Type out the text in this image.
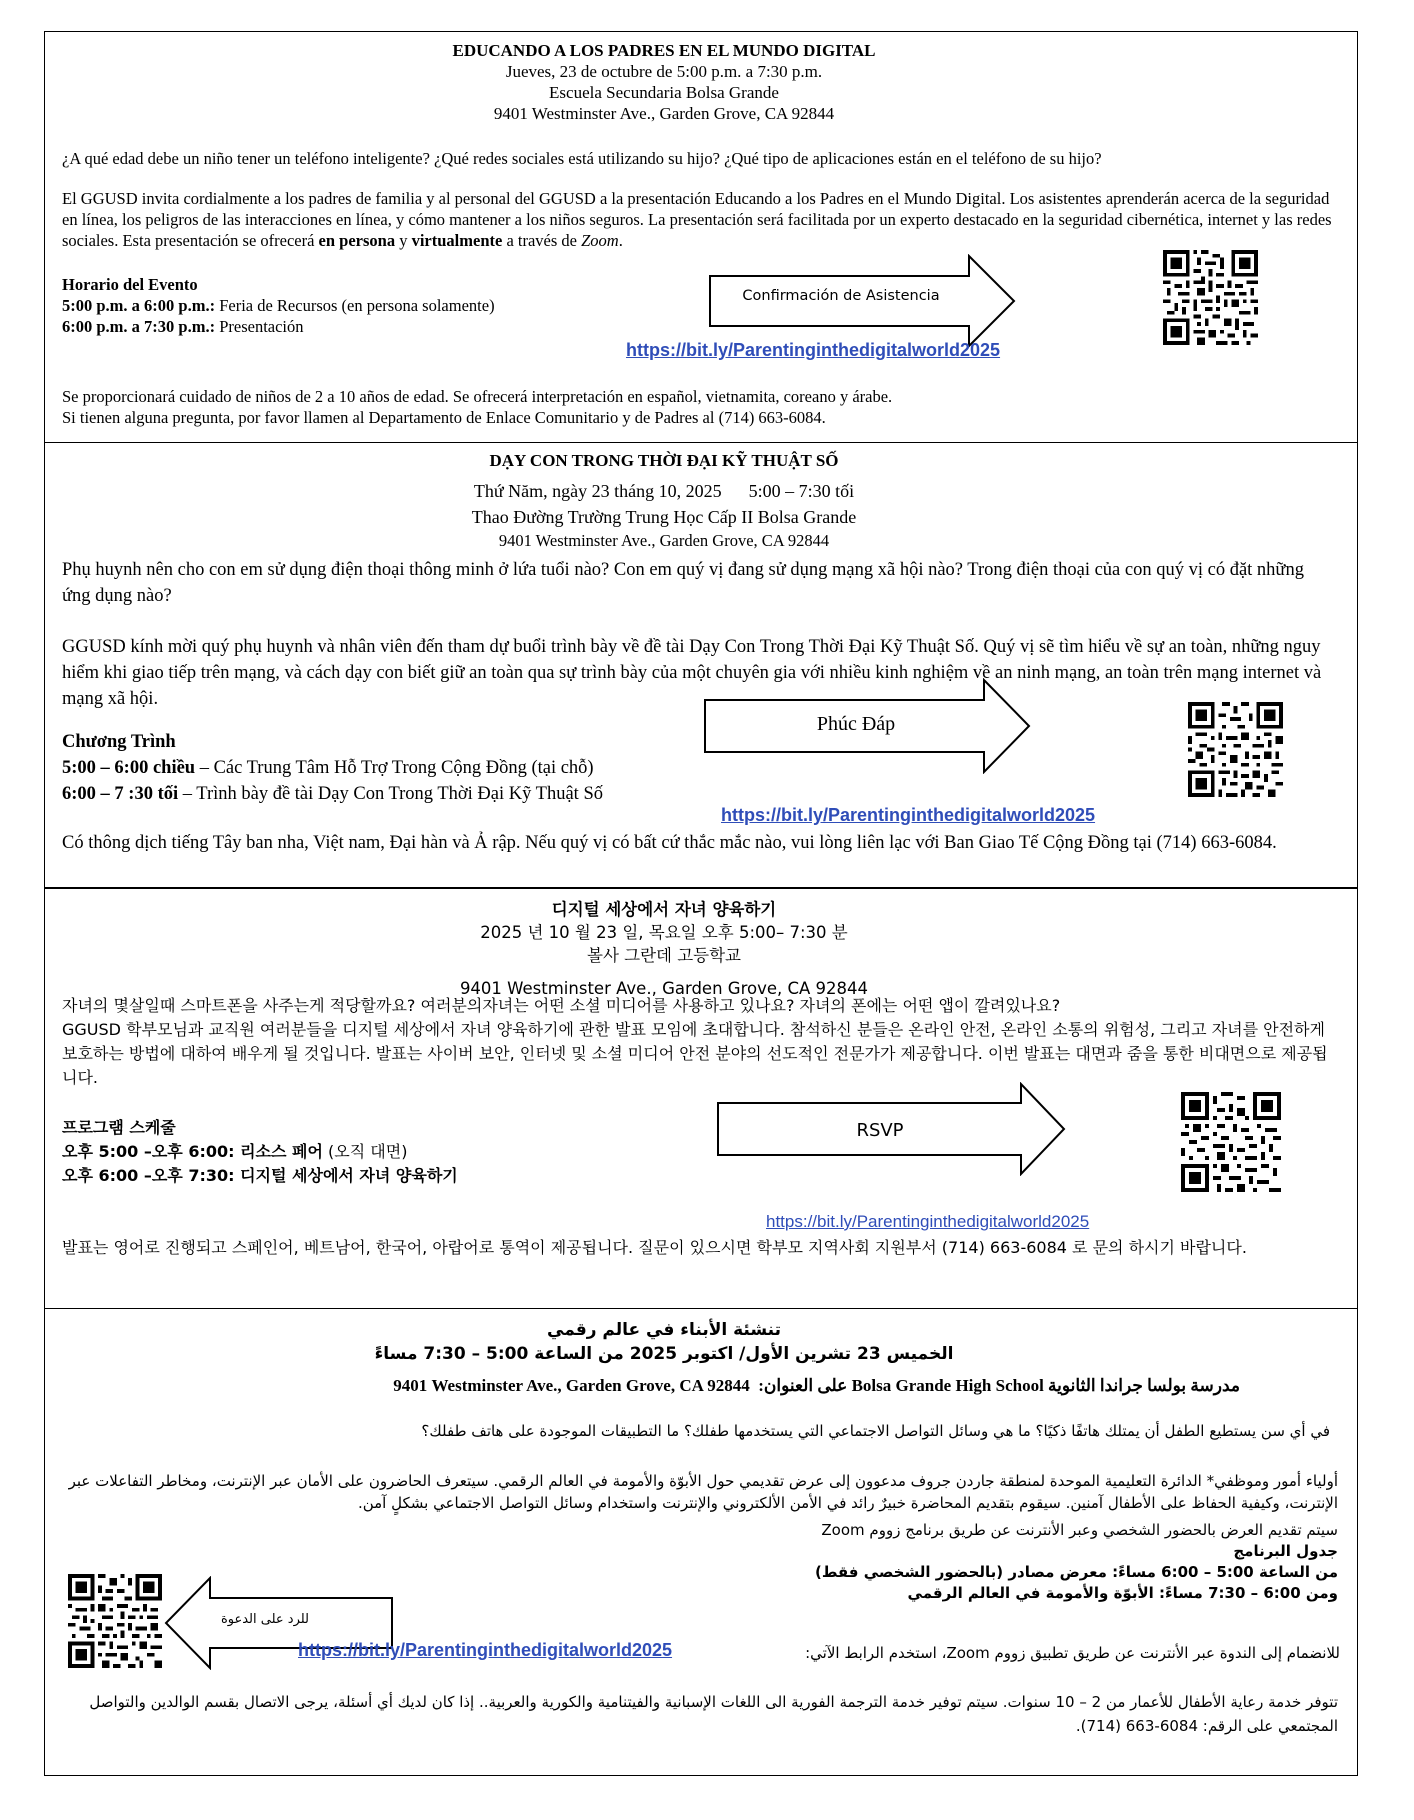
EDUCANDO A LOS PADRES EN EL MUNDO DIGITAL

Jueves, 23 de octubre de 5:00 p.m. a 7:30 p.m.

Escuela Secundaria Bolsa Grande

9401 Westminster Ave., Garden Grove, CA 92844

¿A qué edad debe un niño tener un teléfono inteligente? ¿Qué redes sociales está utilizando su hijo? ¿Qué tipo de aplicaciones están en el teléfono de su hijo?
El GGUSD invita cordialmente a los padres de familia y al personal del GGUSD a la presentación Educando a los Padres en el Mundo Digital. Los asistentes aprenderán acerca de la seguridad en línea, los peligros de las interacciones en línea, y cómo mantener a los niños seguros. La presentación será facilitada por un experto destacado en la seguridad cibernética, internet y las redes sociales. Esta presentación se ofrecerá en persona y virtualmente a través de Zoom.

Horario del Evento

5:00 p.m. a 6:00 p.m.: Feria de Recursos (en persona solamente)

6:00 p.m. a 7:30 p.m.: Presentación

Confirmación de Asistencia
https://bit.ly/Parentinginthedigitalworld2025

Se proporcionará cuidado de niños de 2 a 10 años de edad. Se ofrecerá interpretación en español, vietnamita, coreano y árabe.

Si tienen alguna pregunta, por favor llamen al Departamento de Enlace Comunitario y de Padres al (714) 663-6084.

DẠY CON TRONG THỜI ĐẠI KỸ THUẬT SỐ

Thứ Năm, ngày 23 tháng 10, 2025      5:00 – 7:30 tối

Thao Đường Trường Trung Học Cấp II Bolsa Grande

9401 Westminster Ave., Garden Grove, CA 92844

Phụ huynh nên cho con em sử dụng điện thoại thông minh ở lứa tuổi nào? Con em quý vị đang sử dụng mạng xã hội nào? Trong điện thoại của con quý vị có đặt những ứng dụng nào?
GGUSD kính mời quý phụ huynh và nhân viên đến tham dự buổi trình bày về đề tài Dạy Con Trong Thời Đại Kỹ Thuật Số. Quý vị sẽ tìm hiểu về sự an toàn, những nguy hiểm khi giao tiếp trên mạng, và cách dạy con biết giữ an toàn qua sự trình bày của một chuyên gia với nhiều kinh nghiệm về an ninh mạng, an toàn trên mạng internet và mạng xã hội.

Chương Trình

5:00 – 6:00 chiều – Các Trung Tâm Hỗ Trợ Trong Cộng Đồng (tại chỗ)

6:00 – 7 :30 tối – Trình bày đề tài Dạy Con Trong Thời Đại Kỹ Thuật Số

Phúc Đáp
https://bit.ly/Parentinginthedigitalworld2025
Có thông dịch tiếng Tây ban nha, Việt nam, Đại hàn và Ả rập. Nếu quý vị có bất cứ thắc mắc nào, vui lòng liên lạc với Ban Giao Tế Cộng Đồng tại (714) 663-6084.

디지털 세상에서 자녀 양육하기

2025 년 10 월 23 일, 목요일 오후 5:00– 7:30 분

볼사 그란데 고등학교

9401 Westminster Ave., Garden Grove, CA 92844

자녀의 몇살일때 스마트폰을 사주는게 적당할까요? 여러분의자녀는 어떤 소셜 미디어를 사용하고 있나요? 자녀의 폰에는 어떤 앱이 깔려있나요?
GGUSD 학부모님과 교직원 여러분들을 디지털 세상에서 자녀 양육하기에 관한 발표 모임에 초대합니다. 참석하신 분들은 온라인 안전, 온라인 소통의 위험성, 그리고 자녀를 안전하게 보호하는 방법에 대하여 배우게 될 것입니다. 발표는 사이버 보안, 인터넷 및 소셜 미디어 안전 분야의 선도적인 전문가가 제공합니다. 이번 발표는 대면과 줌을 통한 비대면으로 제공됩니다.

프로그램 스케줄

오후 5:00 –오후 6:00: 리소스 페어 (오직 대면)

오후 6:00 –오후 7:30: 디지털 세상에서 자녀 양육하기

RSVP
https://bit.ly/Parentinginthedigitalworld2025
발표는 영어로 진행되고 스페인어, 베트남어, 한국어, 아랍어로 통역이 제공됩니다. 질문이 있으시면 학부모 지역사회 지원부서 (714) 663-6084 로 문의 하시기 바랍니다.

تنشئة الأبناء في عالم رقمي

الخميس 23 تشرين الأول/ اكتوبر 2025 من الساعة 5:00 – 7:30 مساءً

مدرسة بولسا جراندا الثانوية Bolsa Grande High School على العنوان:  9401 Westminster Ave., Garden Grove, CA 92844
في أي سن يستطيع الطفل أن يمتلك هاتفًا ذكيًا؟ ما هي وسائل التواصل الاجتماعي التي يستخدمها طفلك؟ ما التطبيقات الموجودة على هاتف طفلك؟
أولياء أمور وموظفي* الدائرة التعليمية الموحدة لمنطقة جاردن جروف مدعوون إلى عرض تقديمي حول الأبوّة والأمومة في العالم الرقمي. سيتعرف الحاضرون على الأمان عبر الإنترنت، ومخاطر التفاعلات عبر الإنترنت، وكيفية الحفاظ على الأطفال آمنين. سيقوم بتقديم المحاضرة خبيرٌ رائد في الأمن الألكتروني والإنترنت واستخدام وسائل التواصل الاجتماعي بشكلٍ آمن.
سيتم تقديم العرض بالحضور الشخصي وعبر الأنترنت عن طريق برنامج زووم Zoom

جدول البرنامج

من الساعة 5:00 – 6:00 مساءً: معرض مصادر (بالحضور الشخصي فقط)

ومن 6:00 – 7:30 مساءً: الأبوّة والأمومة في العالم الرقمي

للرد على الدعوة
للانضمام إلى الندوة عبر الأنترنت عن طريق تطبيق زووم Zoom، استخدم الرابط الآتي:
https://bit.ly/Parentinginthedigitalworld2025
تتوفر خدمة رعاية الأطفال للأعمار من 2 – 10 سنوات. سيتم توفير خدمة الترجمة الفورية الى اللغات الإسبانية والفيتنامية والكورية والعربية.. إذا كان لديك أي أسئلة، يرجى الاتصال بقسم الوالدين والتواصل المجتمعي على الرقم: 6084-663 (714).
